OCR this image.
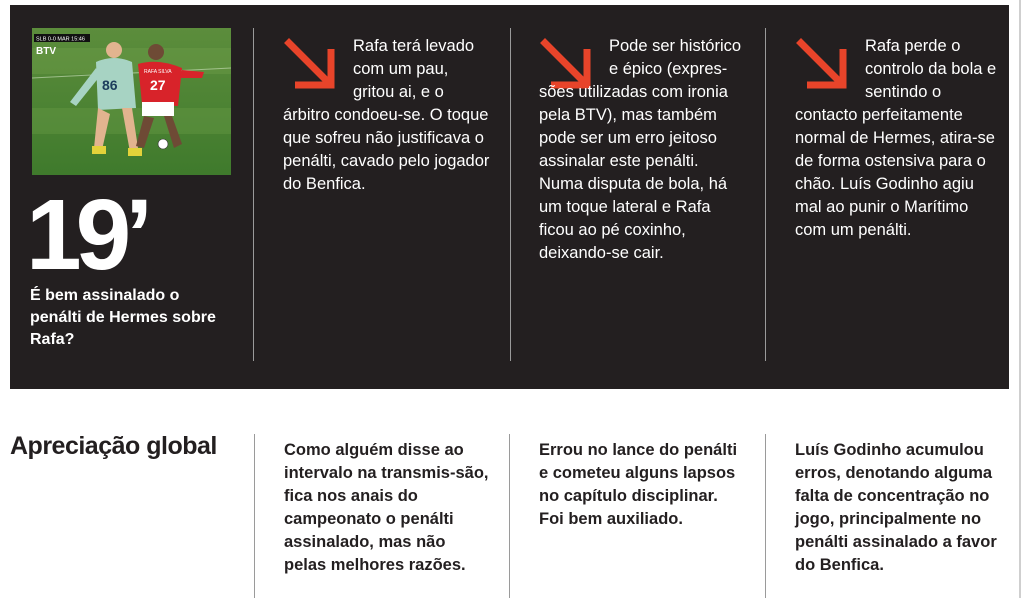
SLB 0-0 MAR 15:46
BTV
86
RAFA SILVA
27
19’
É bem assinalado o penálti de Hermes sobre Rafa?
Rafa terá levado com um pau, gritou ai, e o
árbitro condoeu-se. O toque que sofreu não justificava o penálti, cavado pelo jogador do Benfica.
Pode ser histórico e épico (expres-
sões utilizadas com ironia pela BTV), mas também pode ser um erro jeitoso assinalar este penálti. Numa disputa de bola, há um toque lateral e Rafa ficou ao pé coxinho, deixando-se cair.
Rafa perde o controlo da bola e sentindo o
contacto perfeitamente normal de Hermes, atira-se de forma ostensiva para o chão. Luís Godinho agiu mal ao punir o Marítimo com um penálti.
Apreciação global	Como alguém disse ao intervalo na transmis-são, fica nos anais do campeonato o penálti assinalado, mas não pelas melhores razões.
Errou no lance do penálti e cometeu alguns lapsos no capítulo disciplinar. Foi bem auxiliado.
Luís Godinho acumulou erros, denotando alguma falta de concentração no jogo, principalmente no penálti assinalado a favor do Benfica.
